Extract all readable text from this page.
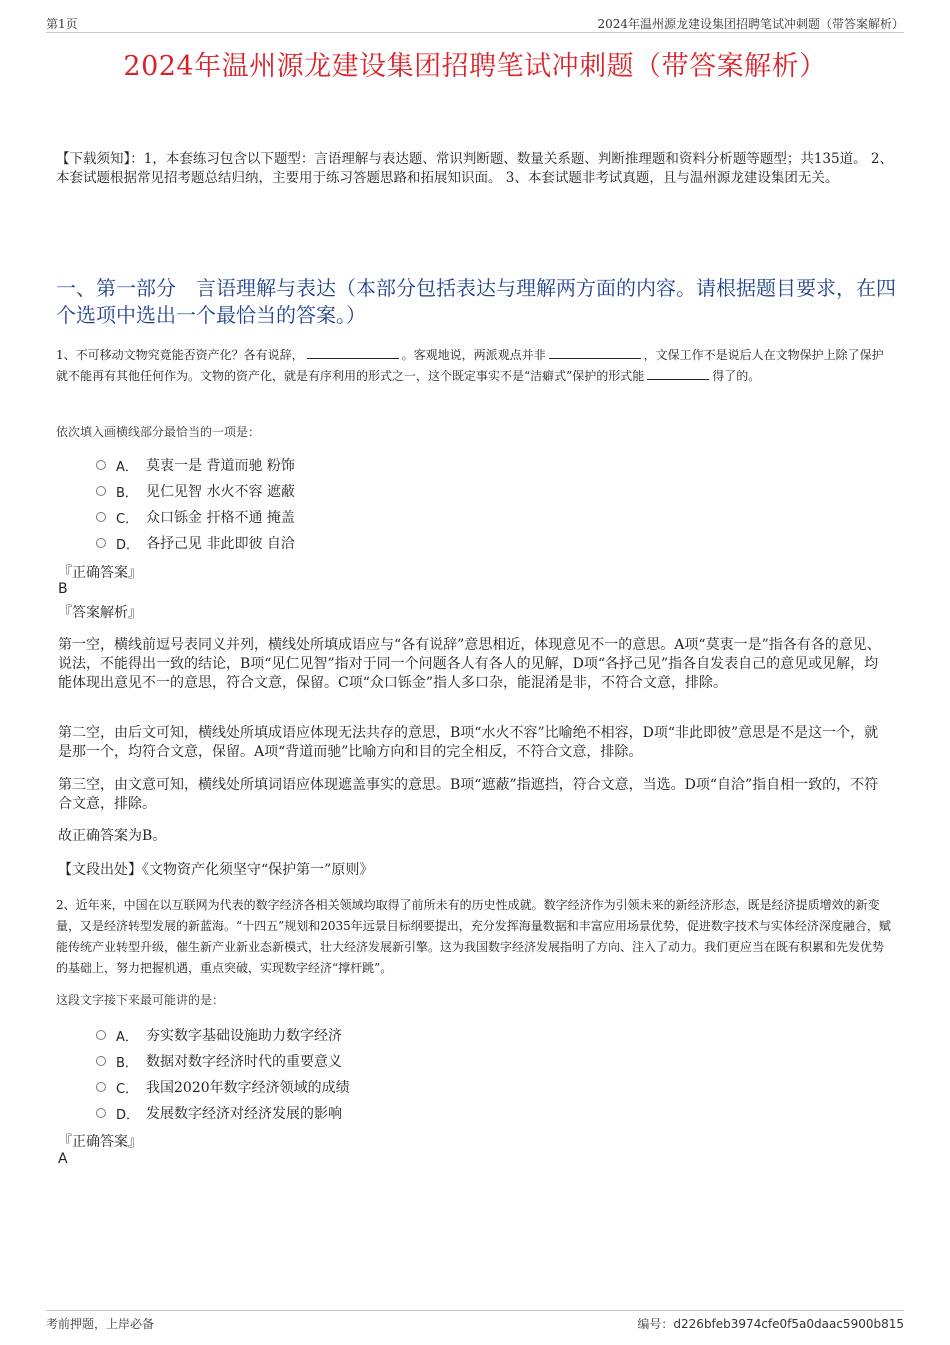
第1页	2024年温州源龙建设集团招聘笔试冲刺题（带答案解析）
2024年温州源龙建设集团招聘笔试冲刺题（带答案解析）
【下载须知】：1，本套练习包含以下题型：言语理解与表达题、常识判断题、数量关系题、判断推理题和资料分析题等题型；共135道。 2、本套试题根据常见招考题总结归纳，主要用于练习答题思路和拓展知识面。 3、本套试题非考试真题，且与温州源龙建设集团无关。
一、第一部分　言语理解与表达（本部分包括表达与理解两方面的内容。请根据题目要求，在四个选项中选出一个最恰当的答案。）
1、不可移动文物究竟能否资产化？各有说辞，	。客观地说，两派观点并非	，文保工作不是说后人在文物保护上除了保护就不能再有其他任何作为。文物的资产化，就是有序利用的形式之一，这个既定事实不是“洁癖式”保护的形式能	得了的。
依次填入画横线部分最恰当的一项是：
A． 莫衷一是 背道而驰 粉饰
B． 见仁见智 水火不容 遮蔽
C． 众口铄金 扞格不通 掩盖
D． 各抒己见 非此即彼 自洽
『正确答案』
B
『答案解析』
第一空，横线前逗号表同义并列，横线处所填成语应与“各有说辞”意思相近，体现意见不一的意思。A项“莫衷一是”指各有各的意见、说法，不能得出一致的结论，B项“见仁见智”指对于同一个问题各人有各人的见解，D项“各抒己见”指各自发表自己的意见或见解，均能体现出意见不一的意思，符合文意，保留。C项“众口铄金”指人多口杂，能混淆是非，不符合文意，排除。
第二空，由后文可知，横线处所填成语应体现无法共存的意思，B项“水火不容”比喻绝不相容，D项“非此即彼”意思是不是这一个，就是那一个，均符合文意，保留。A项“背道而驰”比喻方向和目的完全相反，不符合文意，排除。
第三空，由文意可知，横线处所填词语应体现遮盖事实的意思。B项“遮蔽”指遮挡，符合文意，当选。D项“自洽”指自相一致的，不符合文意，排除。
故正确答案为B。
【文段出处】《文物资产化须坚守“保护第一”原则》
2、近年来，中国在以互联网为代表的数字经济各相关领域均取得了前所未有的历史性成就。数字经济作为引领未来的新经济形态，既是经济提质增效的新变量，又是经济转型发展的新蓝海。“十四五”规划和2035年远景目标纲要提出，充分发挥海量数据和丰富应用场景优势，促进数字技术与实体经济深度融合，赋能传统产业转型升级，催生新产业新业态新模式，壮大经济发展新引擎。这为我国数字经济发展指明了方向、注入了动力。我们更应当在既有积累和先发优势的基础上，努力把握机遇，重点突破，实现数字经济“撑杆跳”。
这段文字接下来最可能讲的是：
A． 夯实数字基础设施助力数字经济
B． 数据对数字经济时代的重要意义
C． 我国2020年数字经济领域的成绩
D． 发展数字经济对经济发展的影响
『正确答案』
A
考前押题，上岸必备	编号：d226bfeb3974cfe0f5a0daac5900b815
